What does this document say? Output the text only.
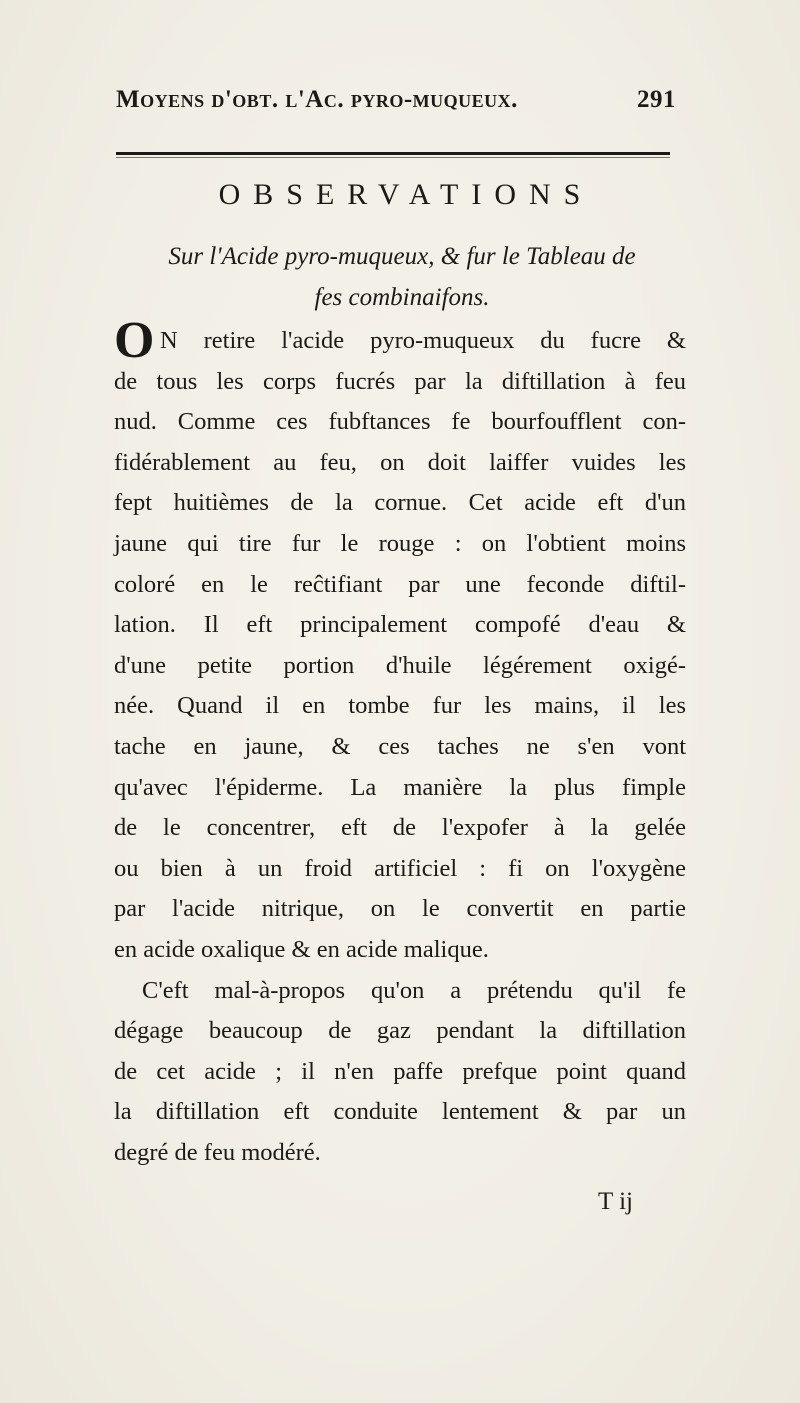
Moyens d'obt. l'Ac. pyro-muqueux.	291
OBSERVATIONS
Sur l'Acide pyro-muqueux, & fur le Tableau de
fes combinaifons.
O N retire l'acide pyro-muqueux du fucre &
de tous les corps fucrés par la diftillation à feu
nud. Comme ces fubftances fe bourfoufflent con-
fidérablement au feu, on doit laiffer vuides les
fept huitièmes de la cornue. Cet acide eft d'un
jaune qui tire fur le rouge : on l'obtient moins
coloré en le reĉtifiant par une feconde diftil-
lation. Il eft principalement compofé d'eau &
d'une petite portion d'huile légérement oxigé-
née. Quand il en tombe fur les mains, il les
tache en jaune, & ces taches ne s'en vont
qu'avec l'épiderme. La manière la plus fimple
de le concentrer, eft de l'expofer à la gelée
ou bien à un froid artificiel : fi on l'oxygène
par l'acide nitrique, on le convertit en partie
en acide oxalique & en acide malique.
C'eft mal-à-propos qu'on a prétendu qu'il fe
dégage beaucoup de gaz pendant la diftillation
de cet acide ; il n'en paffe prefque point quand
la diftillation eft conduite lentement & par un
degré de feu modéré.
T ij
